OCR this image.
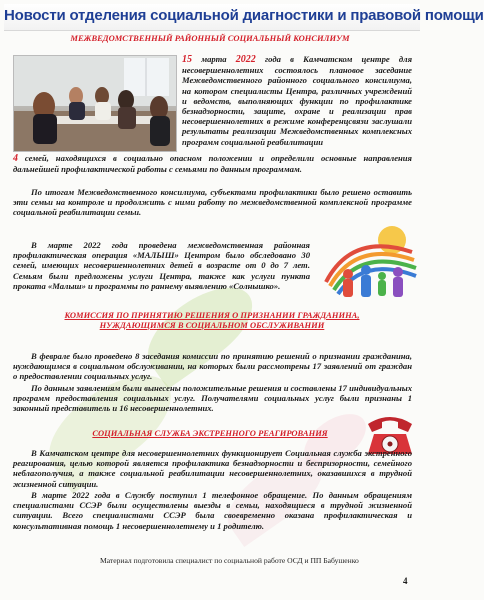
Новости отделения социальной диагностики и правовой помощи
МЕЖВЕДОМСТВЕННЫЙ РАЙОННЫЙ СОЦИАЛЬНЫЙ КОНСИЛИУМ

15 марта 2022 года в Камчатском центре для несовершеннолетних состоялось плановое заседание Межведомственного районного социального консилиума, на котором специалисты Центра, различных учреждений и ведомств, выполняющих функции по профилактике безнадзорности, защите, охране и реализации прав несовершеннолетних в режиме конференцсвязи заслушали результаты реализации Межведомственных комплексных программ социальной реабилитации

4 семей, находящихся в социально опасном положении и определили основные направления дальнейшей профилактической работы с семьями по данным программам.

По итогам Межведомственного консилиума, субъектами профилактики было решено оставить эти семьи на контроле и продолжить с ними работу по межведомственной комплексной программе социальной реабилитации семьи.

В марте 2022 года проведена межведомственная районная профилактическая операция «МАЛЫШ» Центром было обследовано 30 семей, имеющих несовершеннолетних детей в возрасте от 0 до 7 лет. Семьям были предложены услуги Центра, также как услуги пункта проката «Малыш» и программы по раннему выявлению «Солнышко».

КОМИССИЯ ПО ПРИНЯТИЮ РЕШЕНИЯ О ПРИЗНАНИИ ГРАЖДАНИНА, НУЖДАЮЩИМСЯ В СОЦИАЛЬНОМ ОБСЛУЖИВАНИИ

В феврале было проведено 8 заседания комиссии по принятию решений о признании гражданина, нуждающимся в социальном обслуживании, на которых были рассмотрены 17 заявлений от граждан о предоставлении социальных услуг.

По данным заявлениям были вынесены положительные решения и составлены 17 индивидуальных программ предоставления социальных услуг. Получателями социальных услуг были признаны 1 законный представитель и 16 несовершеннолетних.

СОЦИАЛЬНАЯ СЛУЖБА ЭКСТРЕННОГО РЕАГИРОВАНИЯ

В Камчатском центре для несовершеннолетних функционирует Социальная служба экстренного реагирования, целью которой является профилактика безнадзорности и беспризорности, семейного неблагополучия, а также социальной реабилитации несовершеннолетних, оказавшихся в трудной жизненной ситуации.

В марте 2022 года в Службу поступил 1 телефонное обращение. По данным обращениям специалистами ССЭР были осуществлены выезды в семьи, находящиеся в трудной жизненной ситуации. Всего специалистами ССЭР была своевременно оказана профилактическая и консультативная помощь 1 несовершеннолетнему и 1 родителю.

Материал подготовила специалист по социальной работе ОСД и ПП Бабушенко
4
